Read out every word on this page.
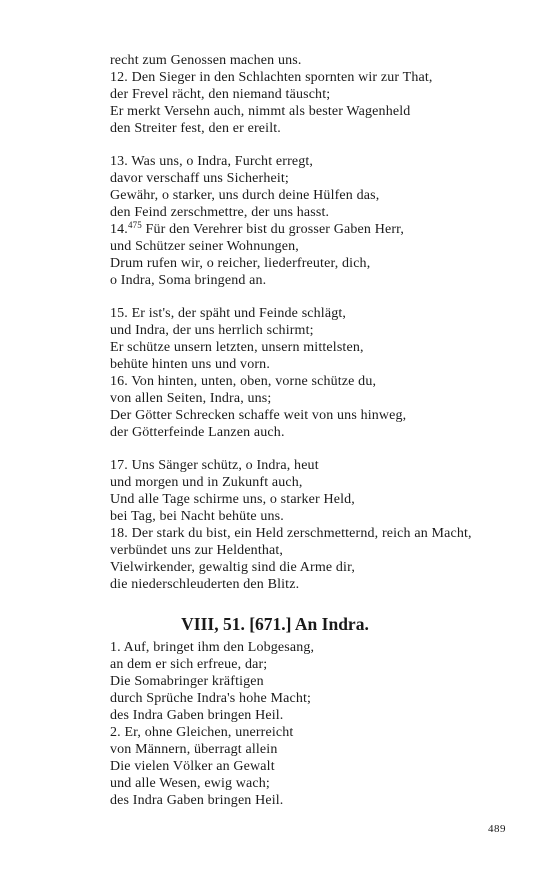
recht zum Genossen machen uns.
12. Den Sieger in den Schlachten spornten wir zur That,
der Frevel rächt, den niemand täuscht;
Er merkt Versehn auch, nimmt als bester Wagenheld
den Streiter fest, den er ereilt.
13. Was uns, o Indra, Furcht erregt,
davor verschaff uns Sicherheit;
Gewähr, o starker, uns durch deine Hülfen das,
den Feind zerschmettre, der uns hasst.
14.$^{475}$ Für den Verehrer bist du grosser Gaben Herr,
und Schützer seiner Wohnungen,
Drum rufen wir, o reicher, liederfreuter, dich,
o Indra, Soma bringend an.
15. Er ist's, der späht und Feinde schlägt,
und Indra, der uns herrlich schirmt;
Er schütze unsern letzten, unsern mittelsten,
behüte hinten uns und vorn.
16. Von hinten, unten, oben, vorne schütze du,
von allen Seiten, Indra, uns;
Der Götter Schrecken schaffe weit von uns hinweg,
der Götterfeinde Lanzen auch.
17. Uns Sänger schütz, o Indra, heut
und morgen und in Zukunft auch,
Und alle Tage schirme uns, o starker Held,
bei Tag, bei Nacht behüte uns.
18. Der stark du bist, ein Held zerschmetternd, reich an Macht,
verbündet uns zur Heldenthat,
Vielwirkender, gewaltig sind die Arme dir,
die niederschleuderten den Blitz.
VIII, 51. [671.] An Indra.
1. Auf, bringet ihm den Lobgesang,
an dem er sich erfreue, dar;
Die Somabringer kräftigen
durch Sprüche Indra's hohe Macht;
des Indra Gaben bringen Heil.
2. Er, ohne Gleichen, unerreicht
von Männern, überragt allein
Die vielen Völker an Gewalt
und alle Wesen, ewig wach;
des Indra Gaben bringen Heil.
489
